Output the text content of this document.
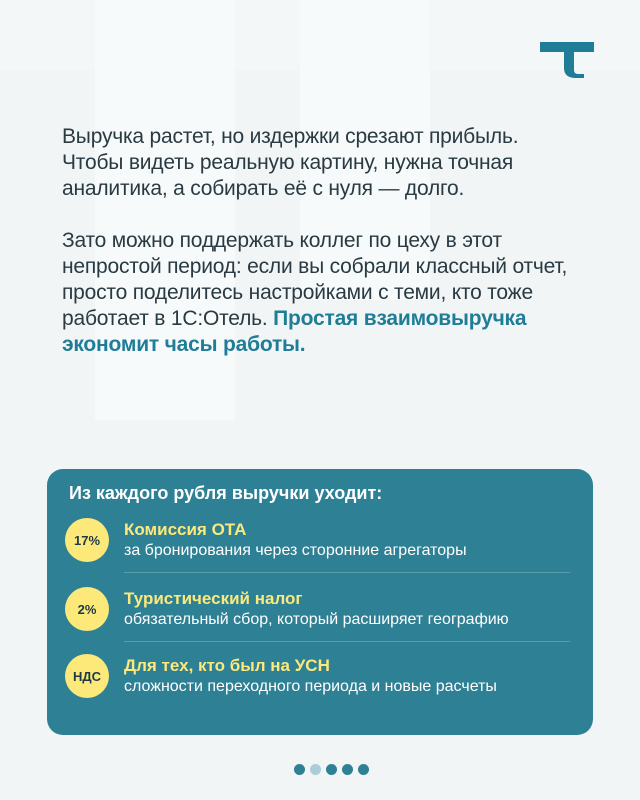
Выручка растет, но издержки срезают прибыль. Чтобы видеть реальную картину, нужна точная аналитика, а собирать её с нуля — долго.

Зато можно поддержать коллег по цеху в этот непростой период: если вы собрали классный отчет, просто поделитесь настройками с теми, кто тоже работает в 1С:Отель. Простая взаимовыручка экономит часы работы.

Из каждого рубля выручки уходит:
17%
Комиссия ОТА
за бронирования через сторонние агрегаторы
2%
Туристический налог
обязательный сбор, который расширяет географию
НДС
Для тех, кто был на УСН
сложности переходного периода и новые расчеты
